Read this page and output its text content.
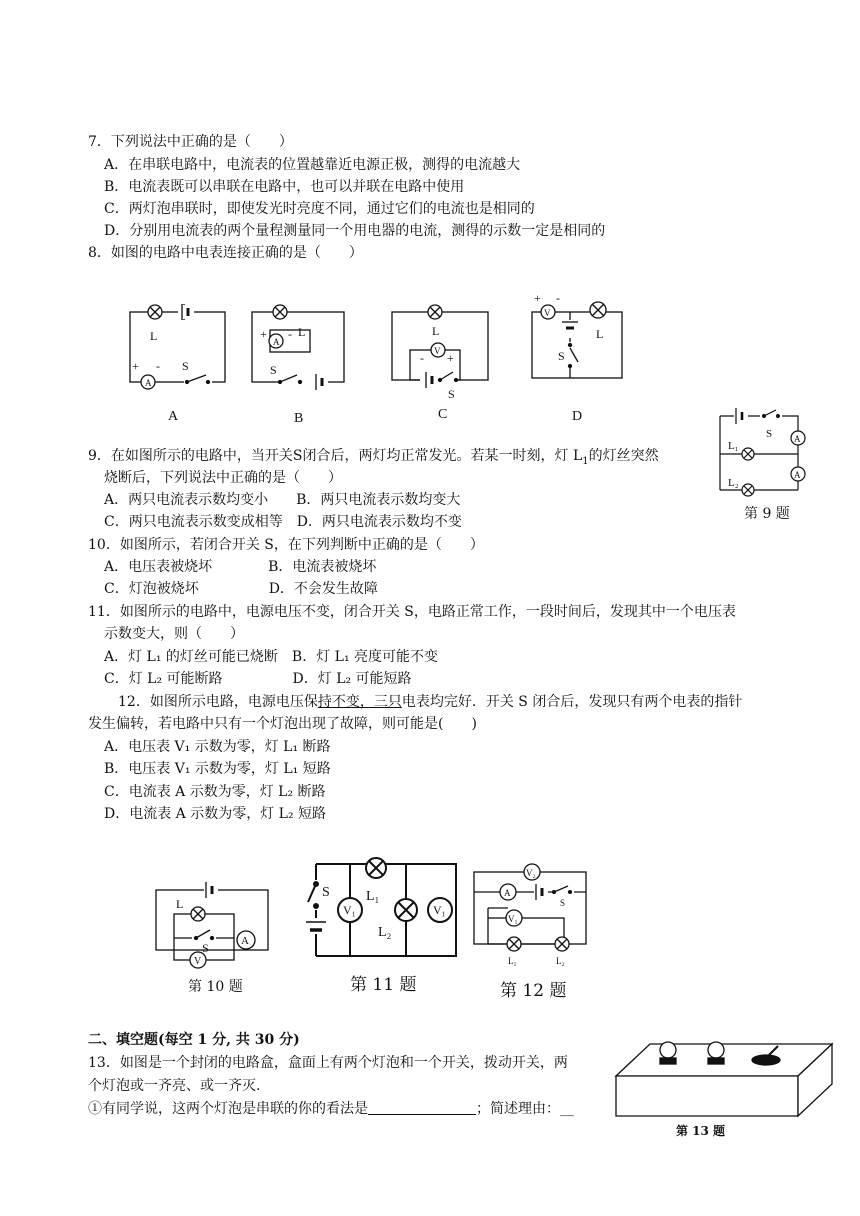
7．下列说法中正确的是（　　）
A．在串联电路中，电流表的位置越靠近电源正极，测得的电流越大
B．电流表既可以串联在电路中，也可以并联在电路中使用
C．两灯泡串联时，即使发光时亮度不同，通过它们的电流也是相同的
D．分别用电流表的两个量程测量同一个用电器的电流，测得的示数一定是相同的
8．如图的电路中电表连接正确的是（　　）
L
S
+ -
A
L
S
+ -
A
L
V
- +
S
+ -
V
L
S
A	B	C	D
9．在如图所示的电路中，当开关S闭合后，两灯均正常发光。若某一时刻，灯 $L_1$的灯丝突然
烧断后，下列说法中正确的是（　　）
A．两只电流表示数均变小　　B．两只电流表示数均变大
C．两只电流表示数变成相等　D．两只电流表示数均不变
S A
A
L₁
L₂
第 9 题
10．如图所示，若闭合开关 S，在下列判断中正确的是（　　）
A．电压表被烧坏　　　　B．电流表被烧坏
C．灯泡被烧坏　　　　　D．不会发生故障
11．如图所示的电路中，电源电压不变，闭合开关 S，电路正常工作，一段时间后，发现其中一个电压表
示数变大，则（　　）
A．灯 L₁ 的灯丝可能已烧断　B．灯 L₁ 亮度可能不变
C．灯 L₂ 可能断路　　　　　D．灯 L₂ 可能短路
12．如图所示电路，电源电压保持不变，三只电表均完好．开关 S 闭合后，发现只有两个电表的指针
发生偏转，若电路中只有一个灯泡出现了故障，则可能是(　　)
A．电压表 V₁ 示数为零，灯 L₁ 断路
B．电压表 V₁ 示数为零，灯 L₁ 短路
C．电流表 A 示数为零，灯 L₂ 断路
D．电流表 A 示数为零，灯 L₂ 短路
L
S
V
A
第 10 题
S
V₁
L₁
L₂
V₁
第 11 题
V₂
A
S
V₁
L₁	L₂
第 12 题
二、填空题(每空 1 分, 共 30 分)
13．如图是一个封闭的电路盒，盒面上有两个灯泡和一个开关，拨动开关，两
个灯泡或一齐亮、或一齐灭.
①有同学说，这两个灯泡是串联的你的看法是	；简述理由：__
第 13 题
